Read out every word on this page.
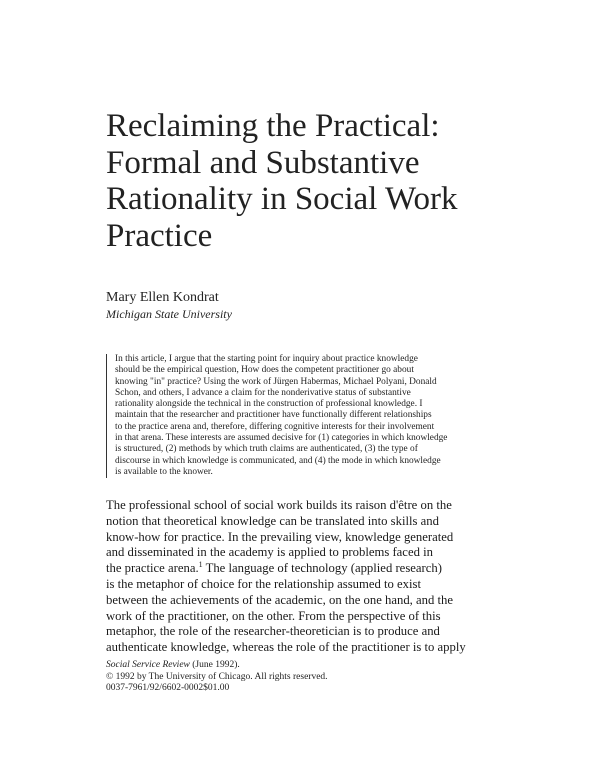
Reclaiming the Practical:
Formal and Substantive
Rationality in Social Work
Practice
Mary Ellen Kondrat
Michigan State University
In this article, I argue that the starting point for inquiry about practice knowledge
should be the empirical question, How does the competent practitioner go about
knowing "in" practice? Using the work of Jürgen Habermas, Michael Polyani, Donald
Schon, and others, I advance a claim for the nonderivative status of substantive
rationality alongside the technical in the construction of professional knowledge. I
maintain that the researcher and practitioner have functionally different relationships
to the practice arena and, therefore, differing cognitive interests for their involvement
in that arena. These interests are assumed decisive for (1) categories in which knowledge
is structured, (2) methods by which truth claims are authenticated, (3) the type of
discourse in which knowledge is communicated, and (4) the mode in which knowledge
is available to the knower.
The professional school of social work builds its raison d'être on the
notion that theoretical knowledge can be translated into skills and
know-how for practice. In the prevailing view, knowledge generated
and disseminated in the academy is applied to problems faced in
the practice arena.$^1$ The language of technology (applied research)
is the metaphor of choice for the relationship assumed to exist
between the achievements of the academic, on the one hand, and the
work of the practitioner, on the other. From the perspective of this
metaphor, the role of the researcher-theoretician is to produce and
authenticate knowledge, whereas the role of the practitioner is to apply
Social Service Review (June 1992).
© 1992 by The University of Chicago. All rights reserved.
0037-7961/92/6602-0002$01.00
